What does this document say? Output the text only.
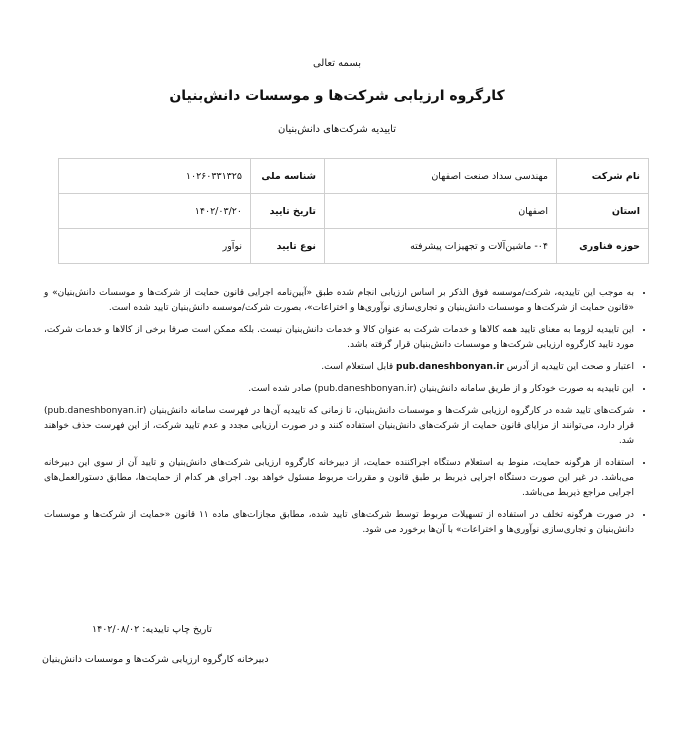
بسمه تعالی
کارگروه ارزیابی شرکت‌ها و موسسات دانش‌بنیان
تاییدیه شرکت‌های دانش‌بنیان
نام شرکت	مهندسی سداد صنعت اصفهان	شناسه ملی	۱۰۲۶۰۳۳۱۳۲۵
استان	اصفهان	تاریخ تایید	۱۴۰۲/۰۳/۲۰
حوزه فناوری	۰۴- ماشین‌آلات و تجهیزات پیشرفته	نوع تایید	نوآور
• به موجب این تاییدیه، شرکت/موسسه فوق الذکر بر اساس ارزیابی انجام شده طبق «آیین‌نامه اجرایی قانون حمایت از شرکت‌ها و موسسات دانش‌بنیان» و «قانون حمایت از شرکت‌ها و موسسات دانش‌بنیان و تجاری‌سازی نوآوری‌ها و اختراعات»، بصورت شرکت/موسسه دانش‌بنیان تایید شده است.
• این تاییدیه لزوما به معنای تایید همه کالاها و خدمات شرکت به عنوان کالا و خدمات دانش‌بنیان نیست. بلکه ممکن است صرفا برخی از کالاها و خدمات شرکت، مورد تایید کارگروه ارزیابی شرکت‌ها و موسسات دانش‌بنیان قرار گرفته باشد.
• اعتبار و صحت این تاییدیه از آدرس pub.daneshbonyan.ir قابل استعلام است.
• این تاییدیه به صورت خودکار و از طریق سامانه دانش‌بنیان (pub.daneshbonyan.ir) صادر شده است.
• شرکت‌های تایید شده در کارگروه ارزیابی شرکت‌ها و موسسات دانش‌بنیان، تا زمانی که تاییدیه آن‌ها در فهرست سامانه دانش‌بنیان (pub.daneshbonyan.ir) قرار دارد، می‌توانند از مزایای قانون حمایت از شرکت‌های دانش‌بنیان استفاده کنند و در صورت ارزیابی مجدد و عدم تایید شرکت، از این فهرست حذف خواهند شد.
• استفاده از هرگونه حمایت، منوط به استعلام دستگاه اجراکننده حمایت، از دبیرخانه کارگروه ارزیابی شرکت‌های دانش‌بنیان و تایید آن از سوی این دبیرخانه می‌باشد. در غیر این صورت دستگاه اجرایی ذیربط بر طبق قانون و مقررات مربوط مسئول خواهد بود. اجرای هر کدام از حمایت‌ها، مطابق دستورالعمل‌های اجرایی مراجع ذیربط می‌باشد.
• در صورت هرگونه تخلف در استفاده از تسهیلات مربوط توسط شرکت‌های تایید شده، مطابق مجازات‌های ماده ۱۱ قانون «حمایت از شرکت‌ها و موسسات دانش‌بنیان و تجاری‌سازی نوآوری‌ها و اختراعات» با آن‌ها برخورد می شود.
تاریخ چاپ تاییدیه: ۱۴۰۲/۰۸/۰۲
دبیرخانه کارگروه ارزیابی شرکت‌ها و موسسات دانش‌بنیان
